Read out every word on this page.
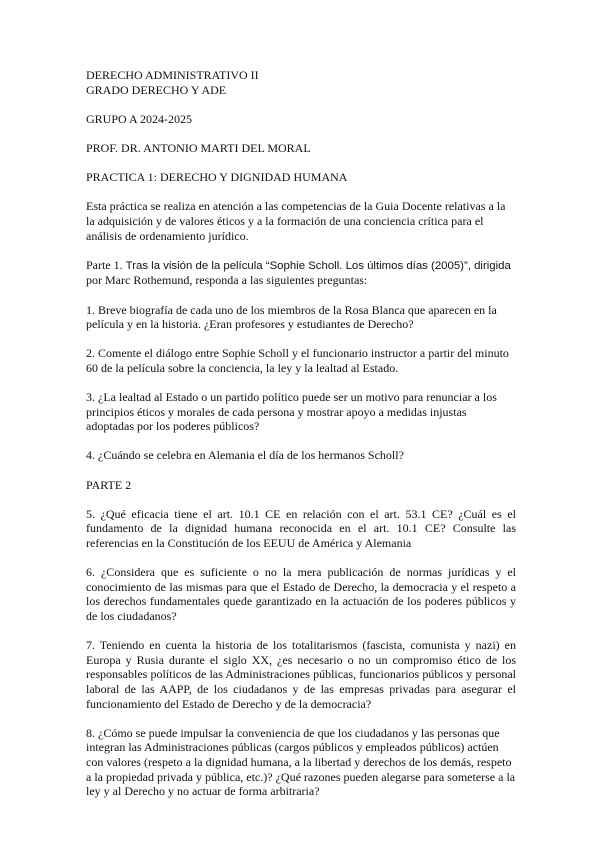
DERECHO ADMINISTRATIVO II

GRADO DERECHO Y ADE

GRUPO A 2024-2025

PROF. DR. ANTONIO MARTI DEL MORAL

PRACTICA 1: DERECHO Y DIGNIDAD HUMANA

Esta práctica se realiza en atención a las competencias de la Guia Docente relativas a la la adquisición y de valores éticos y a la formación de una conciencia crítica para el análisis de ordenamiento jurídico.

Parte 1. Tras la visión de la película “Sophie Scholl. Los últimos días (2005)”, dirigida por Marc Rothemund, responda a las siguientes preguntas:

1. Breve biografía de cada uno de los miembros de la Rosa Blanca que aparecen en la película y en la historia. ¿Eran profesores y estudiantes de Derecho?

2. Comente el diálogo entre Sophie Scholl y el funcionario instructor a partir del minuto 60 de la película sobre la conciencia, la ley y la lealtad al Estado.

3. ¿La lealtad al Estado o un partido político puede ser un motivo para renunciar a los principios éticos y morales de cada persona y mostrar apoyo a medidas injustas adoptadas por los poderes públicos?

4. ¿Cuándo se celebra en Alemania el día de los hermanos Scholl?

PARTE 2

5. ¿Qué eficacia tiene el art. 10.1 CE en relación con el art. 53.1 CE? ¿Cuál es el fundamento de la dignidad humana reconocida en el art. 10.1 CE? Consulte las referencias en la Constitución de los EEUU de América y Alemania

6. ¿Considera que es suficiente o no la mera publicación de normas jurídicas y el conocimiento de las mismas para que el Estado de Derecho, la democracia y el respeto a los derechos fundamentales quede garantizado en la actuación de los poderes públicos y de los ciudadanos?

7. Teniendo en cuenta la historia de los totalitarismos (fascista, comunista y nazi) en Europa y Rusia durante el siglo XX, ¿es necesario o no un compromiso ético de los responsables políticos de las Administraciones públicas, funcionarios públicos y personal laboral de las AAPP, de los ciudadanos y de las empresas privadas para asegurar el funcionamiento del Estado de Derecho y de la democracia?

8. ¿Cómo se puede impulsar la conveniencia de que los ciudadanos y las personas que integran las Administraciones públicas (cargos públicos y empleados públicos) actúen con valores (respeto a la dignidad humana, a la libertad y derechos de los demás, respeto a la propiedad privada y pública, etc.)? ¿Qué razones pueden alegarse para someterse a la ley y al Derecho y no actuar de forma arbitraria?
